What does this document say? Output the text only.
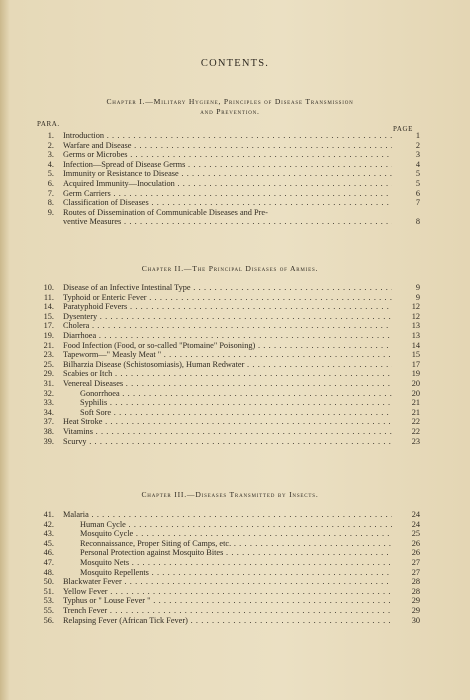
CONTENTS.
Chapter I.—Military Hygiene, Principles of Disease Transmission
and Prevention.
PARA.
PAGE
1. Introduction . . .	1
2. Warfare and Disease . . .	2
3. Germs or Microbes . . .	3
4. Infection—Spread of Disease Germs . . .	4
5. Immunity or Resistance to Disease . . .	5
6. Acquired Immunity—Inoculation . . .	5
7. Germ Carriers . . .	6
8. Classification of Diseases . . .	7
9. Routes of Dissemination of Communicable Diseases and Pre-
ventive Measures . . .	8
Chapter II.—The Principal Diseases of Armies.
10. Disease of an Infective Intestinal Type . . .	9
11. Typhoid or Enteric Fever . . .	9
14. Paratyphoid Fevers . . .	12
15. Dysentery . . .	12
17. Cholera . . .	13
19. Diarrhoea . . .	13
21. Food Infection (Food, or so-called "Ptomaine" Poisoning) . . .	14
23. Tapeworm—" Measly Meat " . . .	15
25. Bilharzia Disease (Schistosomiasis), Human Redwater . . .	17
29. Scabies or Itch . . .	19
31. Venereal Diseases . . .	20
32.	Gonorrhoea . . .	20
33.	Syphilis . . .	21
34.	Soft Sore . . .	21
37. Heat Stroke . . .	22
38. Vitamins . . .	22
39. Scurvy . . .	23
Chapter III.—Diseases Transmitted by Insects.
41. Malaria . . .	24
42.	Human Cycle . . .	24
43.	Mosquito Cycle . . .	25
45.	Reconnaissance, Proper Siting of Camps, etc. . . .	26
46.	Personal Protection against Mosquito Bites . . .	26
47.	Mosquito Nets . . .	27
48.	Mosquito Repellents . . .	27
50. Blackwater Fever . . .	28
51. Yellow Fever . . .	28
53. Typhus or " Louse Fever " . . .	29
55. Trench Fever . . .	29
56. Relapsing Fever (African Tick Fever) . . .	30
